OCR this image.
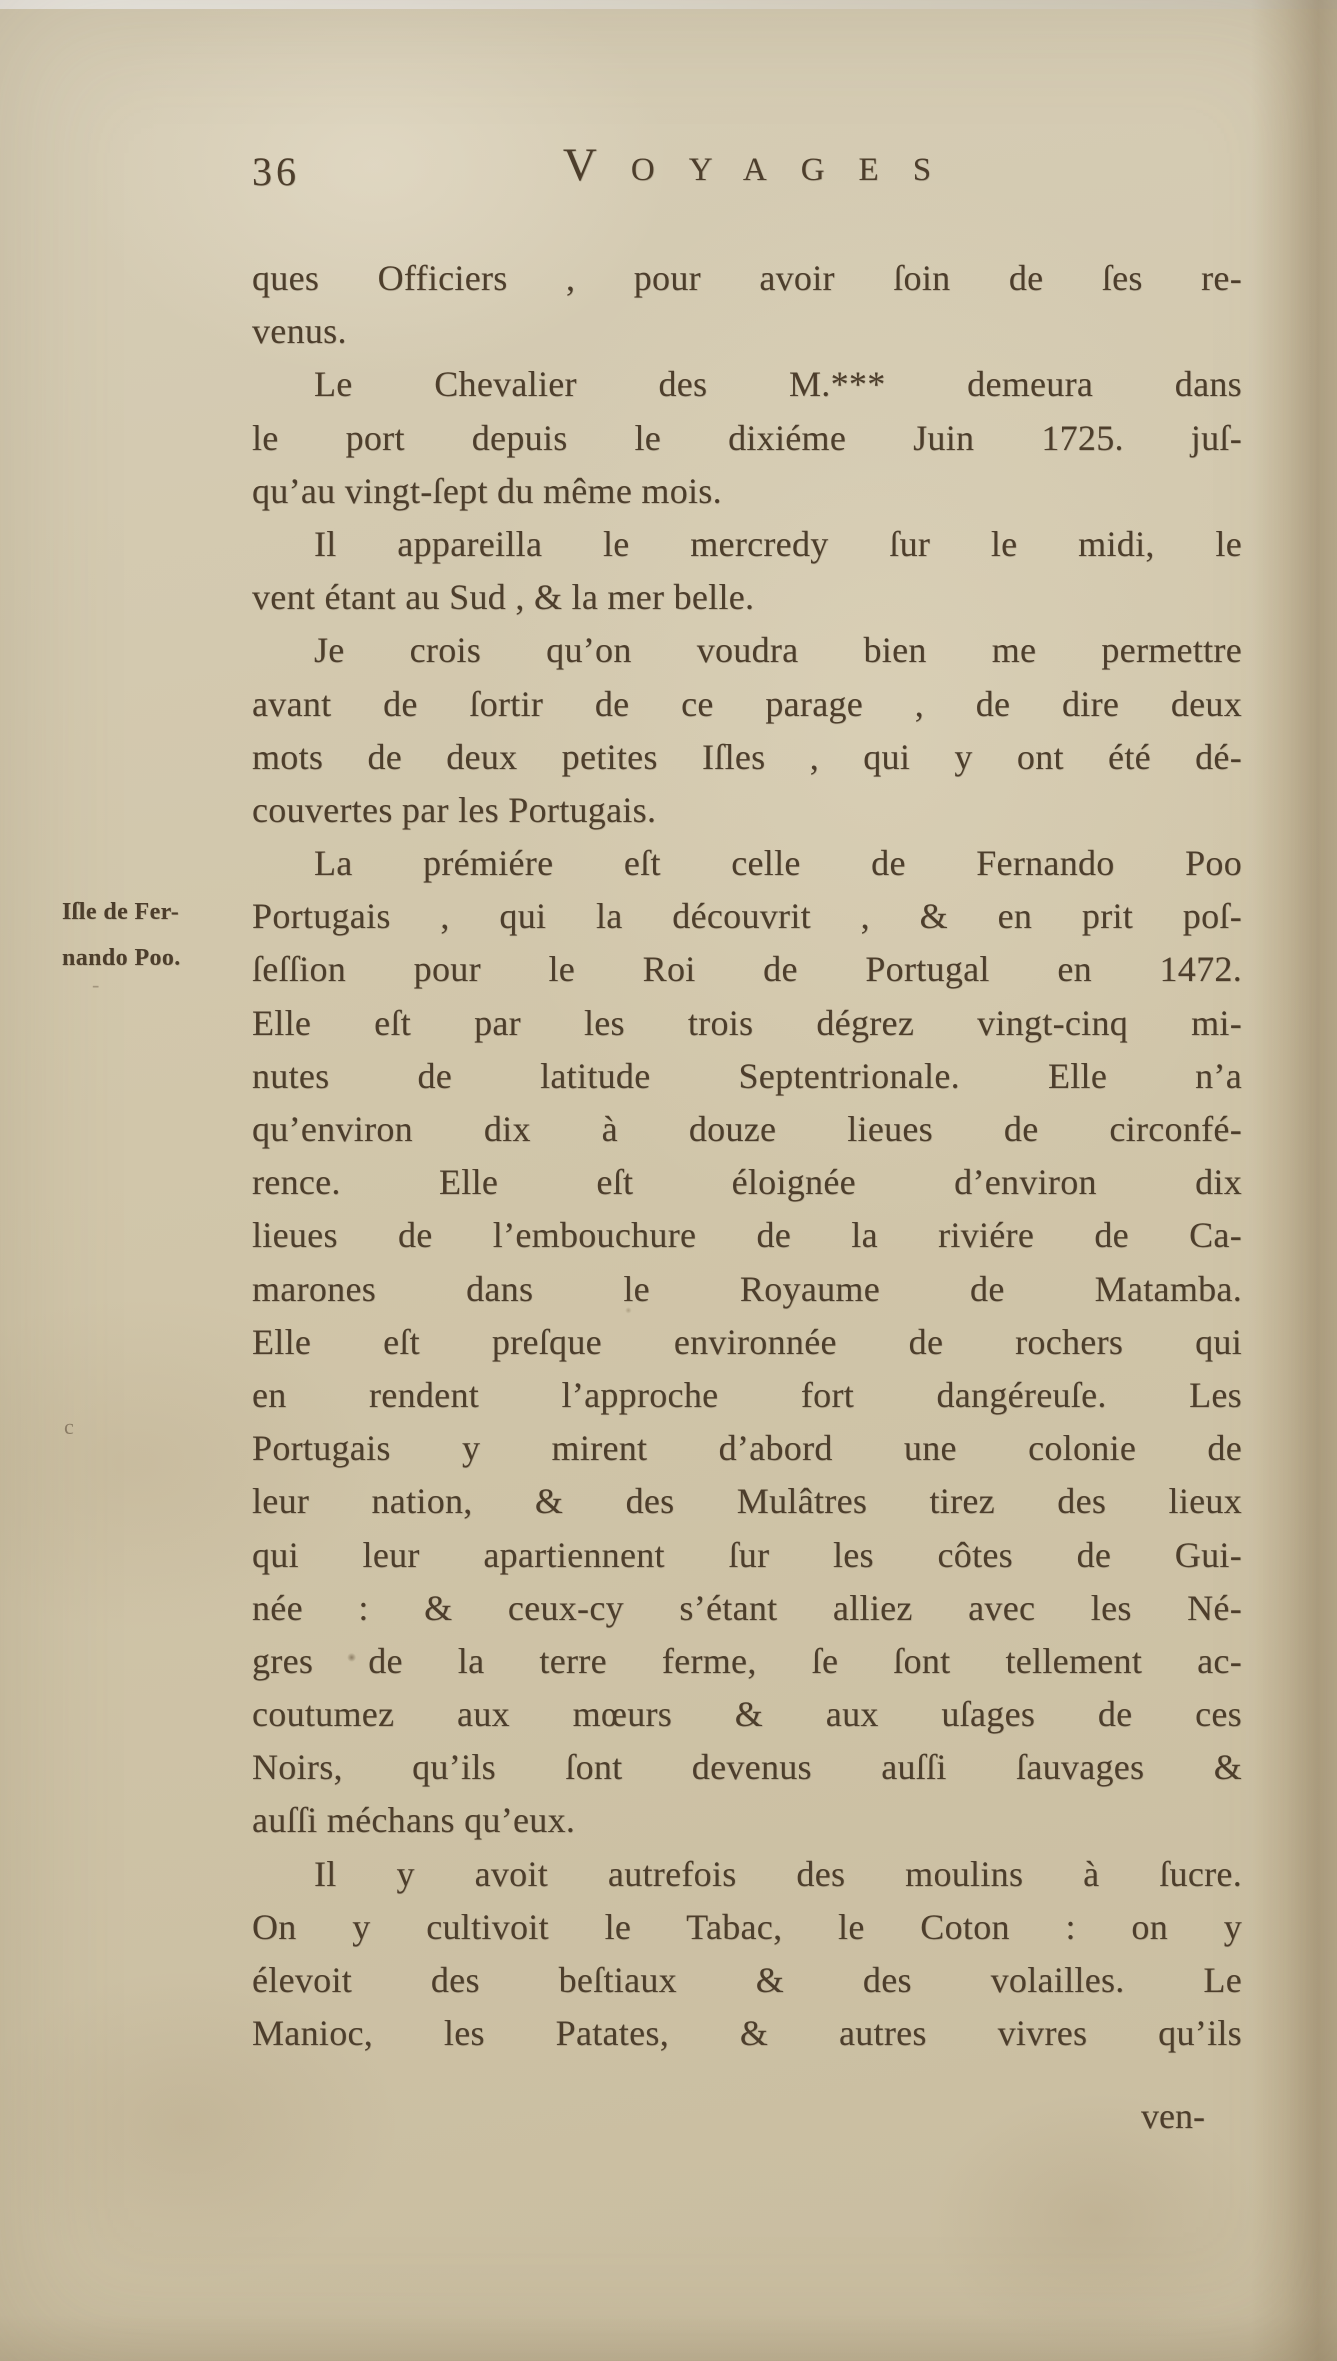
36	VOYAGES
Iſle de Fer-
nando Poo.
ques Officiers , pour avoir ſoin de ſes re-
venus.
Le Chevalier des M.*** demeura dans
le port depuis le dixiéme Juin 1725. juſ-
qu’au vingt-ſept du même mois.
Il appareilla le mercredy ſur le midi, le
vent étant au Sud , & la mer belle.
Je crois qu’on voudra bien me permettre
avant de ſortir de ce parage , de dire deux
mots de deux petites Iſles , qui y ont été dé-
couvertes par les Portugais.
La prémiére eſt celle de Fernando Poo
Portugais , qui la découvrit , & en prit poſ-
ſeſſion pour le Roi de Portugal en 1472.
Elle eſt par les trois dégrez vingt-cinq mi-
nutes de latitude Septentrionale. Elle n’a
qu’environ dix à douze lieues de circonfé-
rence. Elle eſt éloignée d’environ dix
lieues de l’embouchure de la riviére de Ca-
marones dans le Royaume de Matamba.
Elle eſt preſque environnée de rochers qui
en rendent l’approche fort dangéreuſe. Les
Portugais y mirent d’abord une colonie de
leur nation, & des Mulâtres tirez des lieux
qui leur apartiennent ſur les côtes de Gui-
née : & ceux-cy s’étant alliez avec les Né-
gres de la terre ferme, ſe ſont tellement ac-
coutumez aux mœurs & aux uſages de ces
Noirs, qu’ils ſont devenus auſſi ſauvages &
auſſi méchans qu’eux.
Il y avoit autrefois des moulins à ſucre.
On y cultivoit le Tabac, le Coton : on y
élevoit des beſtiaux & des volailles. Le
Manioc, les Patates, & autres vivres qu’ils
ven-
c
-
